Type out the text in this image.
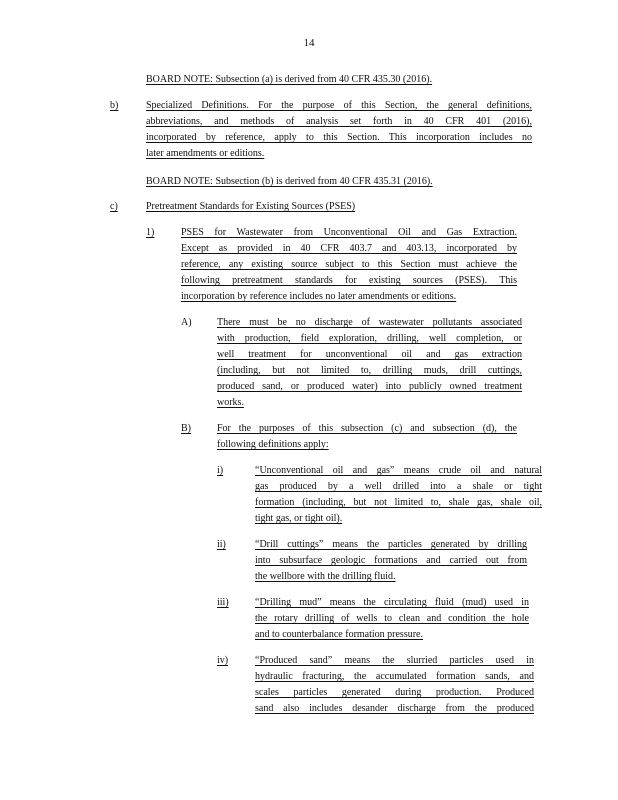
14
BOARD NOTE: Subsection (a) is derived from 40 CFR 435.30 (2016).
b)	Specialized Definitions. For the purpose of this Section, the general definitions,
abbreviations, and methods of analysis set forth in 40 CFR 401 (2016),
incorporated by reference, apply to this Section. This incorporation includes no
later amendments or editions.
BOARD NOTE: Subsection (b) is derived from 40 CFR 435.31 (2016).
c)	Pretreatment Standards for Existing Sources (PSES)
1)	PSES for Wastewater from Unconventional Oil and Gas Extraction.
Except as provided in 40 CFR 403.7 and 403.13, incorporated by
reference, any existing source subject to this Section must achieve the
following pretreatment standards for existing sources (PSES). This
incorporation by reference includes no later amendments or editions.
A)	There must be no discharge of wastewater pollutants associated
with production, field exploration, drilling, well completion, or
well treatment for unconventional oil and gas extraction
(including, but not limited to, drilling muds, drill cuttings,
produced sand, or produced water) into publicly owned treatment
works.
B)	For the purposes of this subsection (c) and subsection (d), the
following definitions apply:
i)	“Unconventional oil and gas” means crude oil and natural
gas produced by a well drilled into a shale or tight
formation (including, but not limited to, shale gas, shale oil,
tight gas, or tight oil).
ii)	“Drill cuttings” means the particles generated by drilling
into subsurface geologic formations and carried out from
the wellbore with the drilling fluid.
iii)	“Drilling mud” means the circulating fluid (mud) used in
the rotary drilling of wells to clean and condition the hole
and to counterbalance formation pressure.
iv)	“Produced sand” means the slurried particles used in
hydraulic fracturing, the accumulated formation sands, and
scales particles generated during production. Produced
sand also includes desander discharge from the produced
